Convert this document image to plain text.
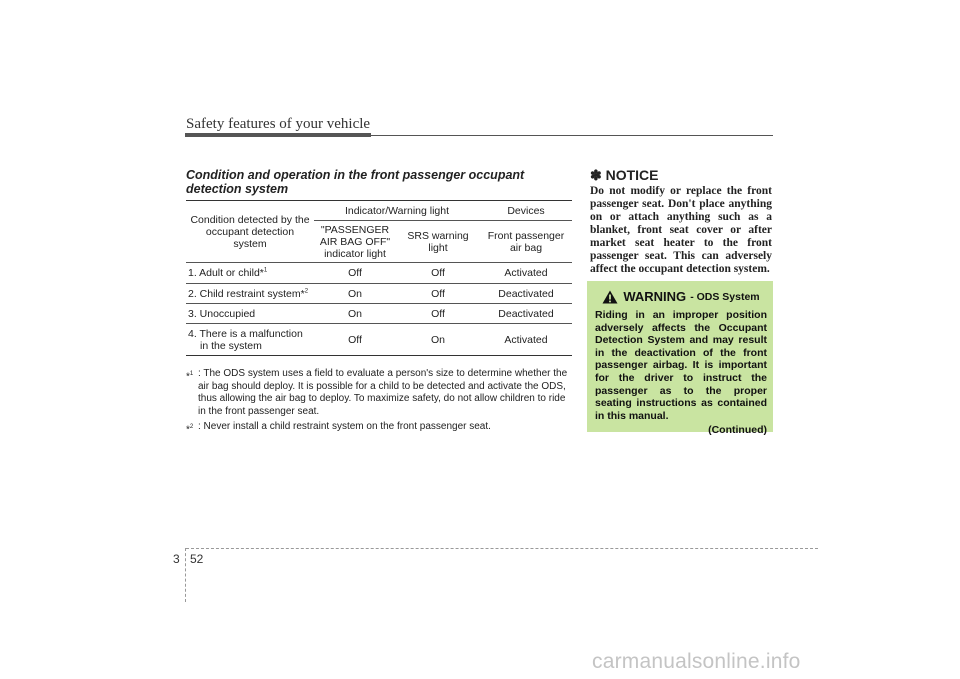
Safety features of your vehicle
Condition and operation in the front passenger occupant detection system
Condition detected by the occupant detection system	Indicator/Warning light		Devices
	"PASSENGER AIR BAG OFF" indicator light	SRS warning light	Front passenger air bag
1. Adult or child*$^1$	Off	Off	Activated
2. Child restraint system*$^2$	On	Off	Deactivated
3. Unoccupied	On	Off	Deactivated

4. There is a malfunction
in the system	Off	On	Activated
*$^1$ : The ODS system uses a field to evaluate a person's size to determine whether the air bag should deploy. It is possible for a child to be detected and activate the ODS, thus allowing the air bag to deploy. To maximize safety, do not allow children to ride in the front passenger seat.
*$^2$ : Never install a child restraint system on the front passenger seat.
✽ NOTICE
Do not modify or replace the front passenger seat. Don't place anything on or attach anything such as a blanket, front seat cover or after market seat heater to the front passenger seat. This can adversely affect the occupant detection system.
WARNING - ODS System
Riding in an improper position adversely affects the Occupant Detection System and may result in the deactivation of the front passenger airbag. It is important for the driver to instruct the passenger as to the proper seating instructions as contained in this manual.
(Continued)
3 52
carmanualsonline.info
